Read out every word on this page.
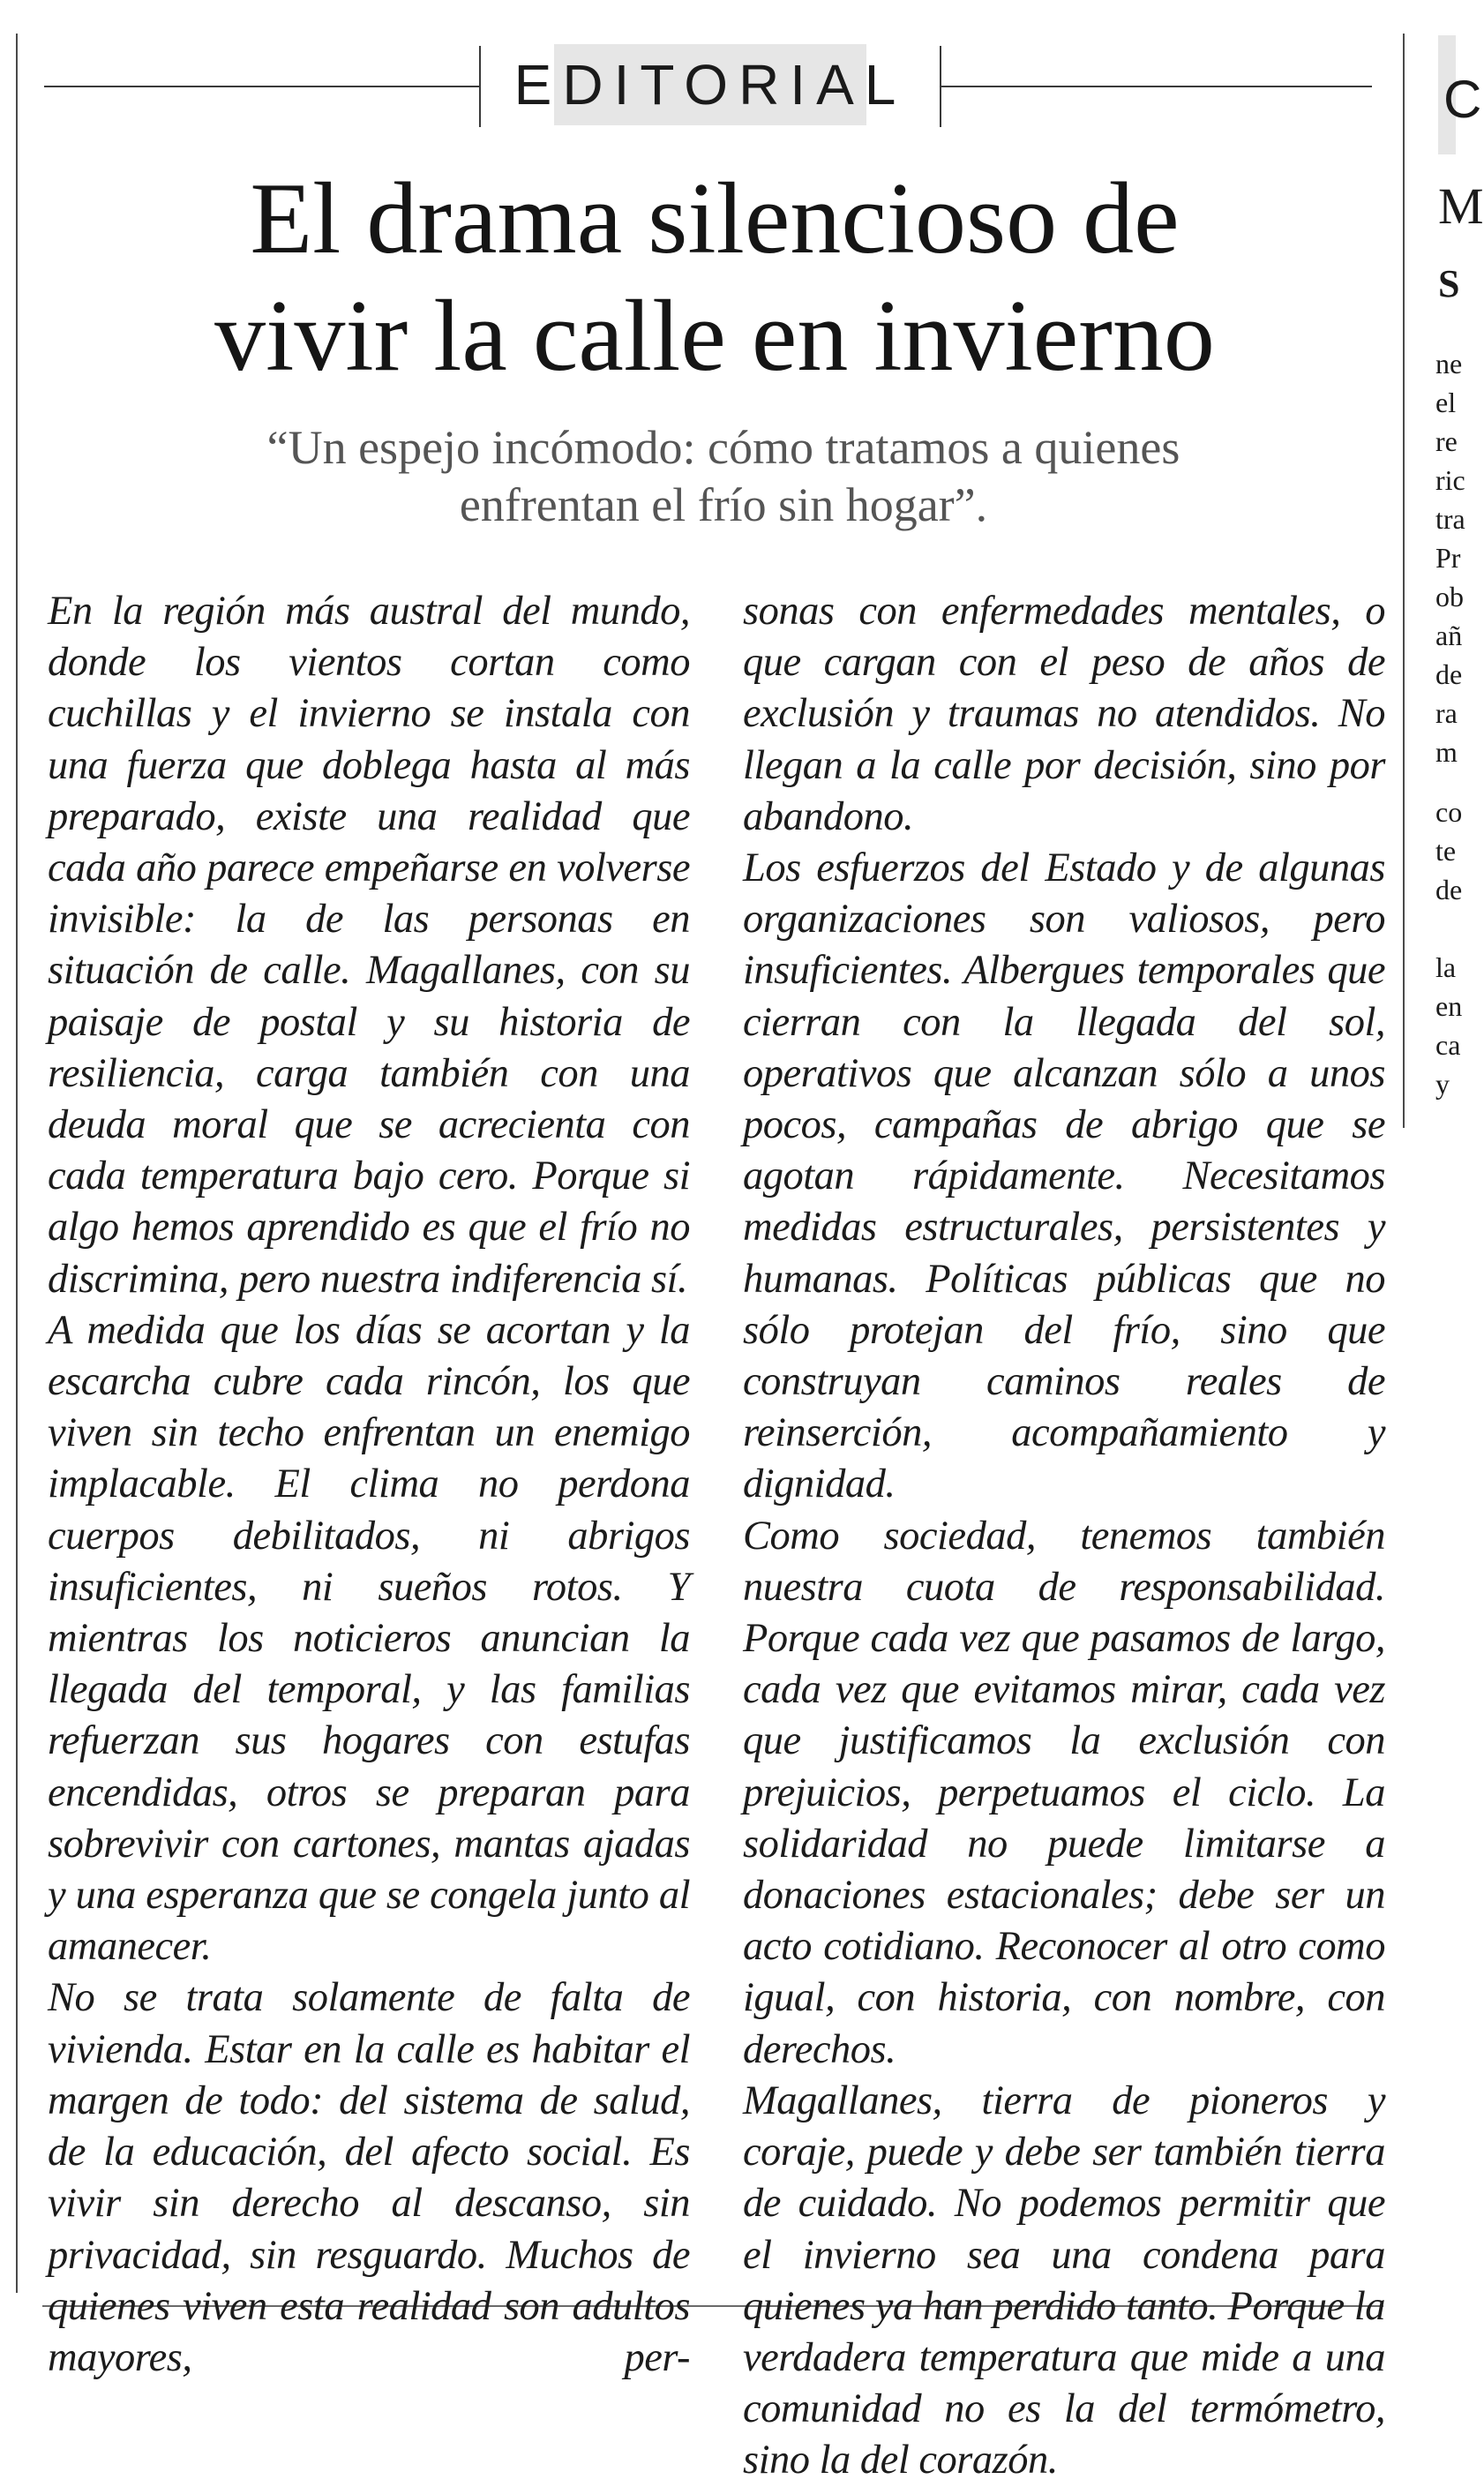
EDITORIAL
El drama silencioso de
vivir la calle en invierno

“Un espejo incómodo: cómo tratamos a quienes
enfrentan el frío sin hogar”.

En la región más austral del mundo, donde los vientos cortan como cuchillas y el invierno se instala con una fuerza que doblega hasta al más preparado, existe una realidad que cada año parece empeñarse en volverse invisible: la de las personas en situación de calle. Magallanes, con su paisaje de postal y su historia de resiliencia, carga también con una deuda moral que se acrecienta con cada temperatura bajo cero. Porque si algo hemos aprendido es que el frío no discrimina, pero nuestra indiferencia sí.

A medida que los días se acortan y la escarcha cubre cada rincón, los que viven sin techo enfrentan un enemigo implacable. El clima no perdona cuerpos debilitados, ni abrigos insuficientes, ni sueños rotos. Y mientras los noticieros anuncian la llegada del temporal, y las familias refuerzan sus hogares con estufas encendidas, otros se preparan para sobrevivir con cartones, mantas ajadas y una esperanza que se congela junto al amanecer.

No se trata solamente de falta de vivienda. Estar en la calle es habitar el margen de todo: del sistema de salud, de la educación, del afecto social. Es vivir sin derecho al descanso, sin privacidad, sin resguardo. Muchos de quienes viven esta realidad son adultos mayores, per-

sonas con enfermedades mentales, o que cargan con el peso de años de exclusión y traumas no atendidos. No llegan a la calle por decisión, sino por abandono.

Los esfuerzos del Estado y de algunas organizaciones son valiosos, pero insuficientes. Albergues temporales que cierran con la llegada del sol, operativos que alcanzan sólo a unos pocos, campañas de abrigo que se agotan rápidamente. Necesitamos medidas estructurales, persistentes y humanas. Políticas públicas que no sólo protejan del frío, sino que construyan caminos reales de reinserción, acompañamiento y dignidad.

Como sociedad, tenemos también nuestra cuota de responsabilidad. Porque cada vez que pasamos de largo, cada vez que evitamos mirar, cada vez que justificamos la exclusión con prejuicios, perpetuamos el ciclo. La solidaridad no puede limitarse a donaciones estacionales; debe ser un acto cotidiano. Reconocer al otro como igual, con historia, con nombre, con derechos.

Magallanes, tierra de pioneros y coraje, puede y debe ser también tierra de cuidado. No podemos permitir que el invierno sea una condena para quienes ya han perdido tanto. Porque la verdadera temperatura que mide a una comunidad no es la del termómetro, sino la del corazón.

C
M
S
ne
el
re
ric
tra
Pr
ob
añ
de
ra
m
co
te
de
la
en
ca
y
